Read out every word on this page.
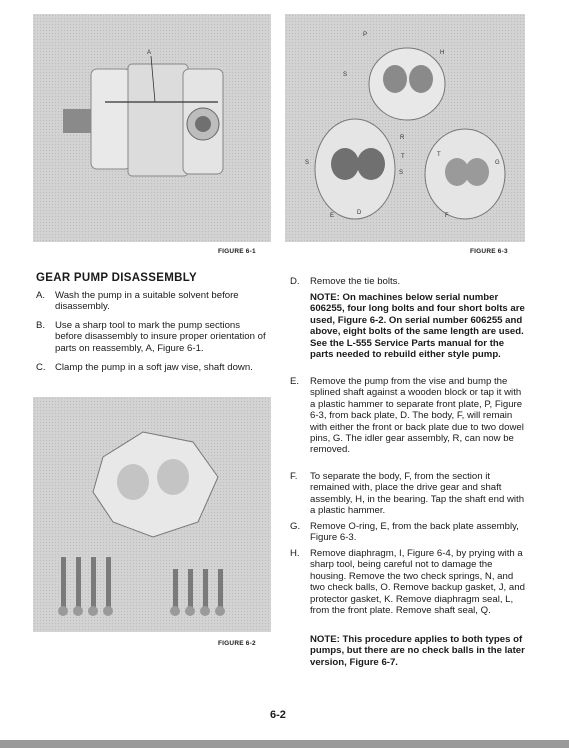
A
FIGURE 6-1
P
H
S
R
S
T	T
G
S
E	D	F
FIGURE 6-3
FIGURE 6-2
GEAR PUMP DISASSEMBLY
A. Wash the pump in a suitable solvent before disassembly.
B. Use a sharp tool to mark the pump sections before disassembly to insure proper orientation of parts on reassembly, A, Figure 6-1.
C. Clamp the pump in a soft jaw vise, shaft down.
D. Remove the tie bolts.
NOTE: On machines below serial number 606255, four long bolts and four short bolts are used, Figure 6-2. On serial number 606255 and above, eight bolts of the same length are used. See the L-555 Service Parts manual for the parts needed to rebuild either style pump.
E. Remove the pump from the vise and bump the splined shaft against a wooden block or tap it with a plastic hammer to separate front plate, P, Figure 6-3, from back plate, D. The body, F, will remain with either the front or back plate due to two dowel pins, G. The idler gear assembly, R, can now be removed.
F. To separate the body, F, from the section it remained with, place the drive gear and shaft assembly, H, in the bearing. Tap the shaft end with a plastic hammer.
G. Remove O-ring, E, from the back plate assembly, Figure 6-3.
H. Remove diaphragm, I, Figure 6-4, by prying with a sharp tool, being careful not to damage the housing. Remove the two check springs, N, and two check balls, O. Remove backup gasket, J, and protector gasket, K. Remove diaphragm seal, L, from the front plate. Remove shaft seal, Q.
NOTE: This procedure applies to both types of pumps, but there are no check balls in the later version, Figure 6-7.
6-2
